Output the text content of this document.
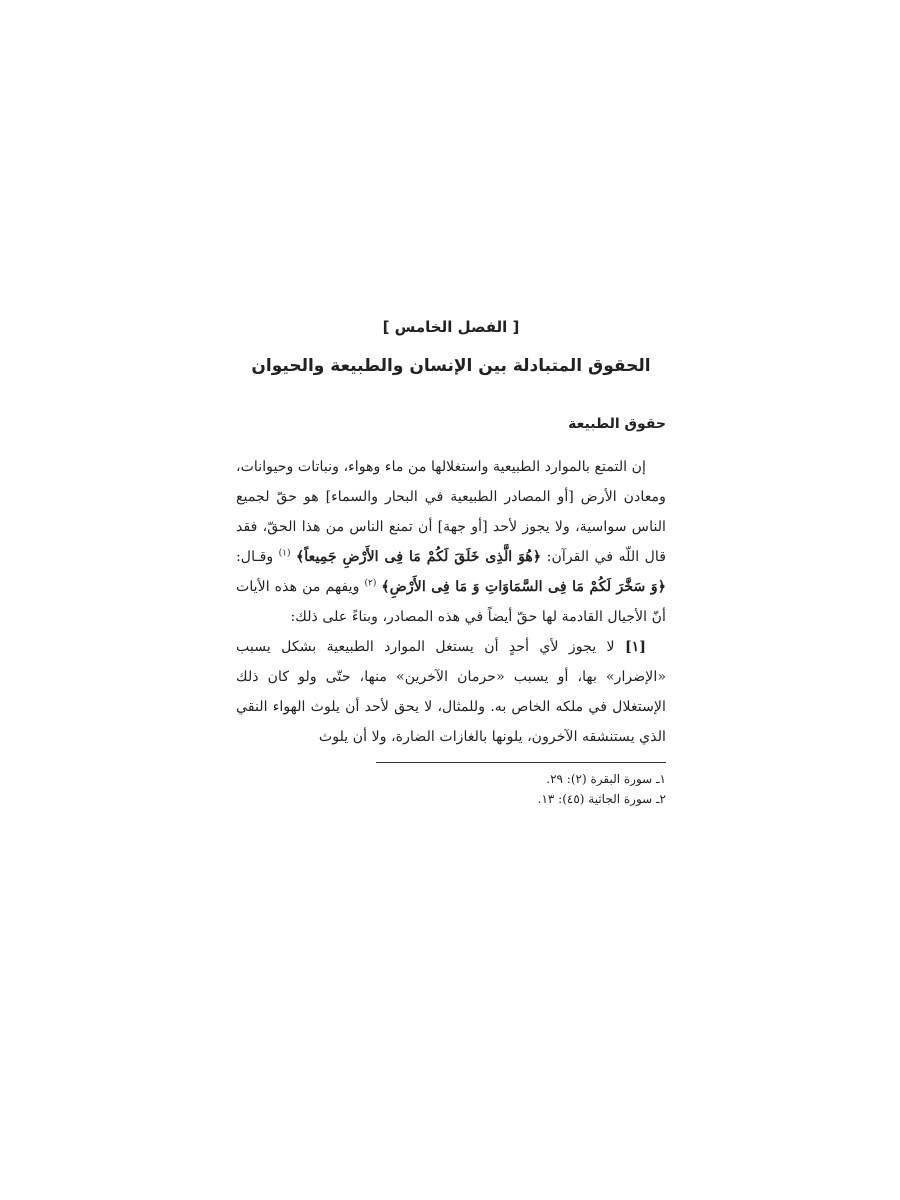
[ الفصل الخامس ]
الحقوق المتبادلة بين الإنسان والطبيعة والحيوان
حقوق الطبيعة

إن التمتع بالموارد الطبيعية واستغلالها من ماء وهواء، ونباتات وحيوانات، ومعادن الأرض [أو المصادر الطبيعية في البحار والسماء] هو حقّ لجميع الناس سواسية، ولا يجوز لأحد [أو جهة] أن تمنع الناس من هذا الحقّ، فقد قال اللّه في القرآن: ﴿هُوَ الَّذِى خَلَقَ لَكُمْ مَا فِى الأَرْضِ جَمِيعاً﴾ $^{(١)}$ وقـال: ﴿وَ سَخَّرَ لَكُمْ مَا فِى السَّمَاوَاتِ وَ مَا فِى الأَرْضِ﴾ $^{(٢)}$ ويفهم من هذه الأيات أنّ الأجيال القادمة لها حقّ أيضاً في هذه المصادر، وبناءً على ذلك:

[١] لا يجوز لأي أحدٍ أن يستغل الموارد الطبيعية بشكل يسبب «الإضرار» بها، أو يسبب «حرمان الآخرين» منها، حتّى ولو كان ذلك الإستغلال في ملكه الخاص به. وللمثال، لا يحق لأحد أن يلوث الهواء النقي الذي يستنشقه الآخرون، يلونها بالغازات الضارة، ولا أن يلوث

١ـ سورة البقرة (٢): ٢٩.
٢ـ سورة الجاثية (٤٥): ١٣.
